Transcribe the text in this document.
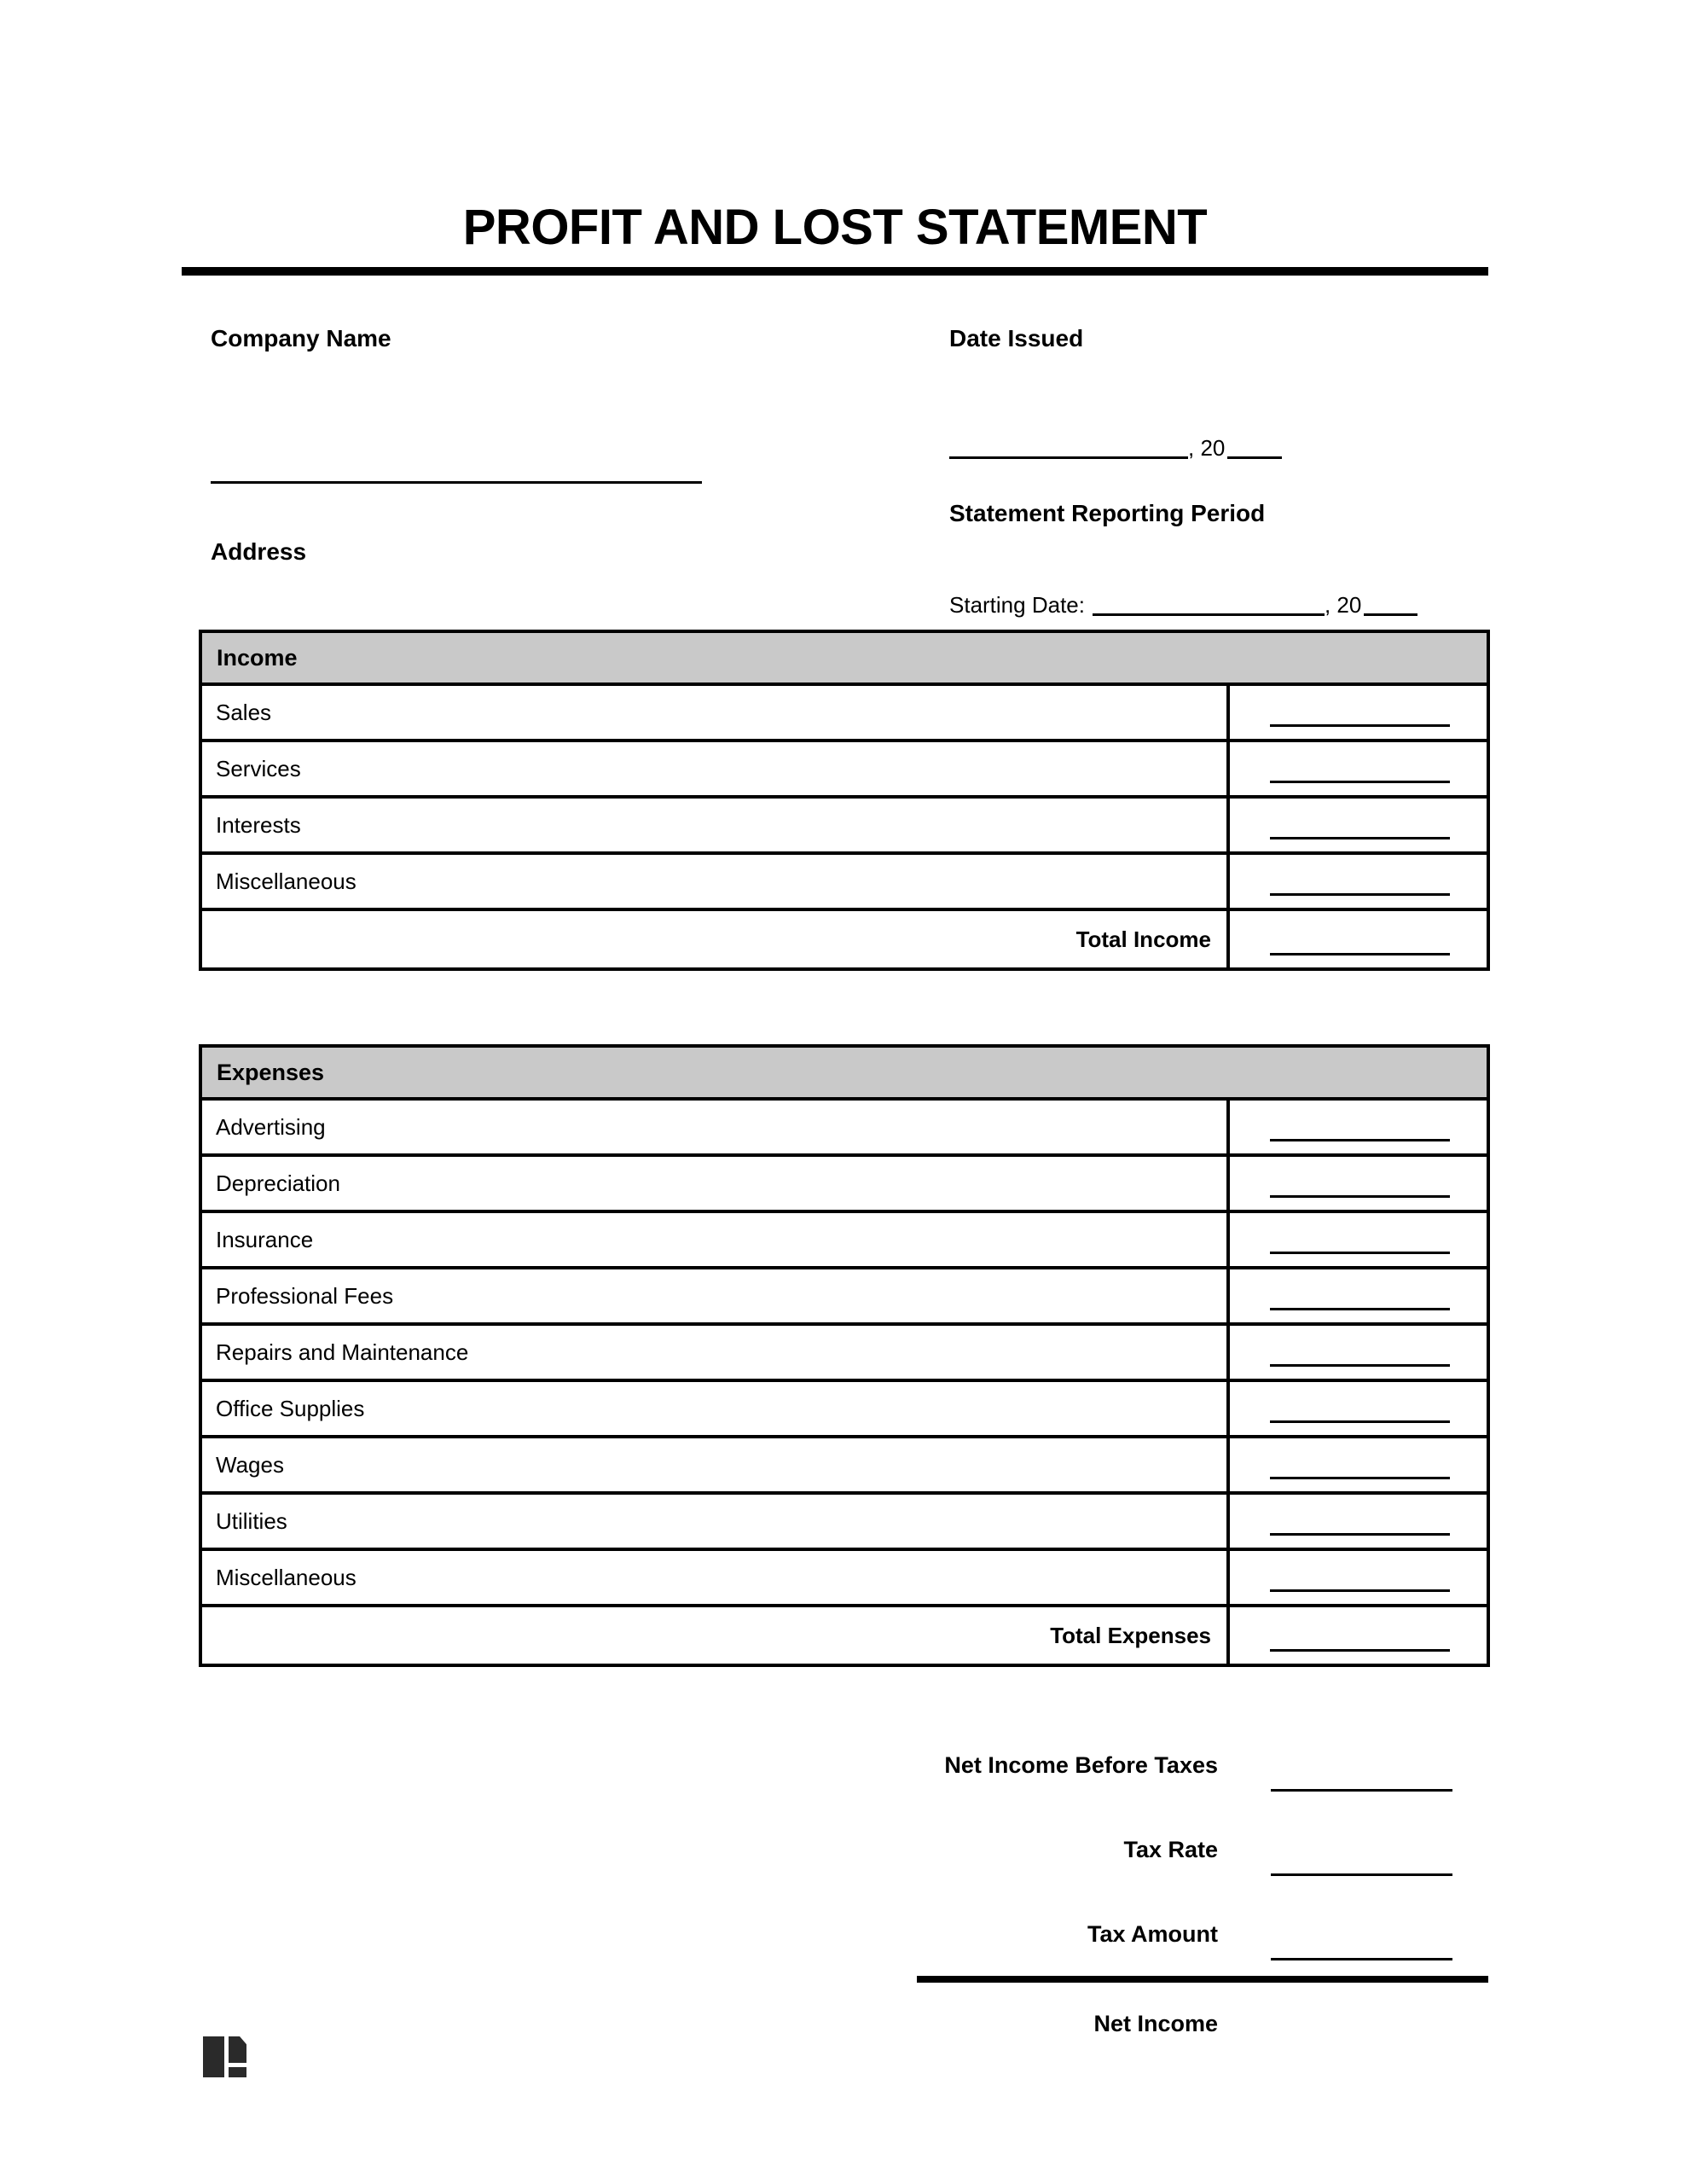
PROFIT AND LOST STATEMENT
Company Name
Address
Date Issued
, 20
Statement Reporting Period
Starting Date:	, 20
Income
Sales
Services
Interests
Miscellaneous
Total Income
Expenses
Advertising
Depreciation
Insurance
Professional Fees
Repairs and Maintenance
Office Supplies
Wages
Utilities
Miscellaneous
Total Expenses
Net Income Before Taxes
Tax Rate
Tax Amount
Net Income
